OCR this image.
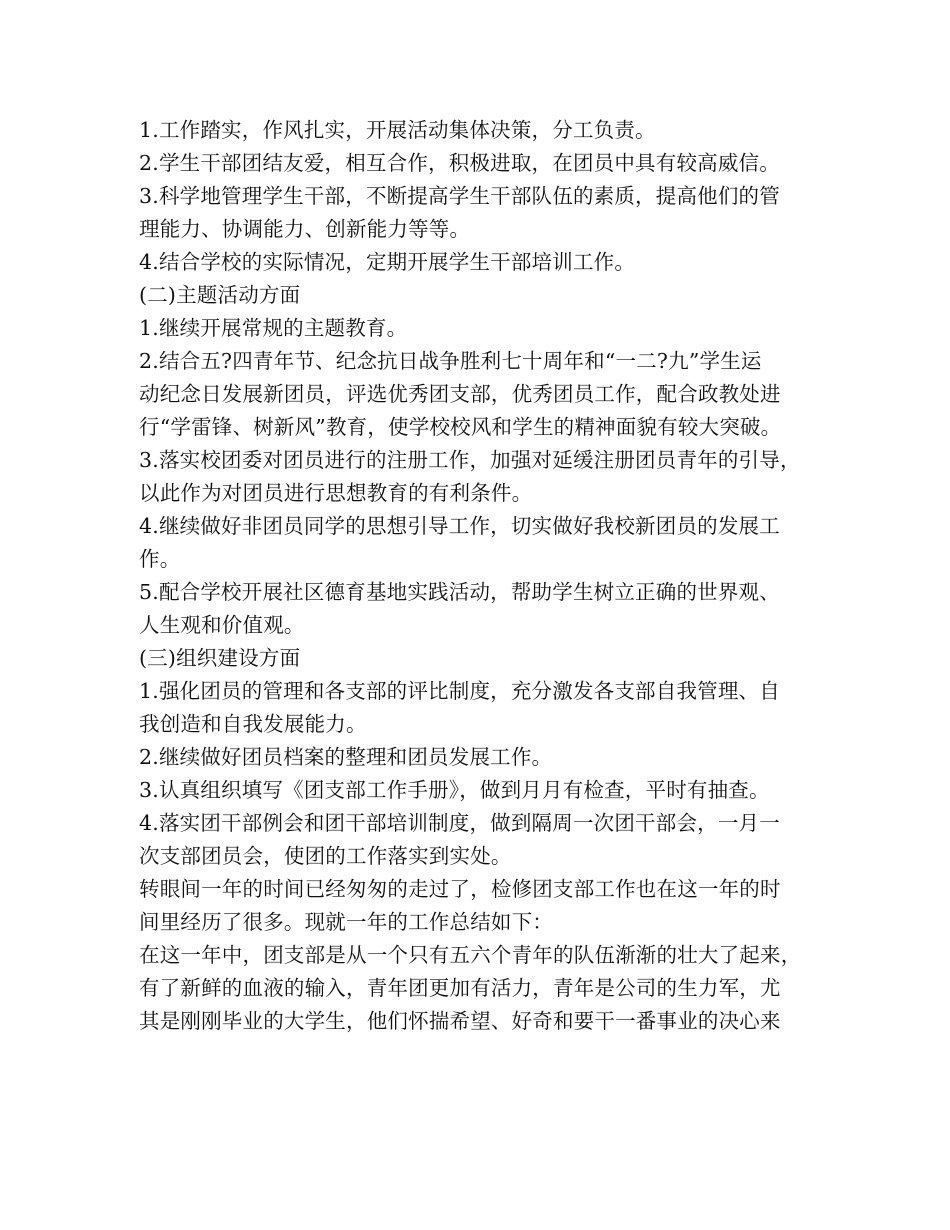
1.工作踏实，作风扎实，开展活动集体决策，分工负责。
2.学生干部团结友爱，相互合作，积极进取，在团员中具有较高威信。
3.科学地管理学生干部，不断提高学生干部队伍的素质，提高他们的管
理能力、协调能力、创新能力等等。
4.结合学校的实际情况，定期开展学生干部培训工作。
(二)主题活动方面
1.继续开展常规的主题教育。
2.结合五?四青年节、纪念抗日战争胜利七十周年和“一二?九”学生运
动纪念日发展新团员，评选优秀团支部，优秀团员工作，配合政教处进
行“学雷锋、树新风”教育，使学校校风和学生的精神面貌有较大突破。
3.落实校团委对团员进行的注册工作，加强对延缓注册团员青年的引导，
以此作为对团员进行思想教育的有利条件。
4.继续做好非团员同学的思想引导工作，切实做好我校新团员的发展工
作。
5.配合学校开展社区德育基地实践活动，帮助学生树立正确的世界观、
人生观和价值观。
(三)组织建设方面
1.强化团员的管理和各支部的评比制度，充分激发各支部自我管理、自
我创造和自我发展能力。
2.继续做好团员档案的整理和团员发展工作。
3.认真组织填写《团支部工作手册》，做到月月有检查，平时有抽查。
4.落实团干部例会和团干部培训制度，做到隔周一次团干部会，一月一
次支部团员会，使团的工作落实到实处。
转眼间一年的时间已经匆匆的走过了，检修团支部工作也在这一年的时
间里经历了很多。现就一年的工作总结如下：
在这一年中，团支部是从一个只有五六个青年的队伍渐渐的壮大了起来，
有了新鲜的血液的输入，青年团更加有活力，青年是公司的生力军，尤
其是刚刚毕业的大学生，他们怀揣希望、好奇和要干一番事业的决心来
